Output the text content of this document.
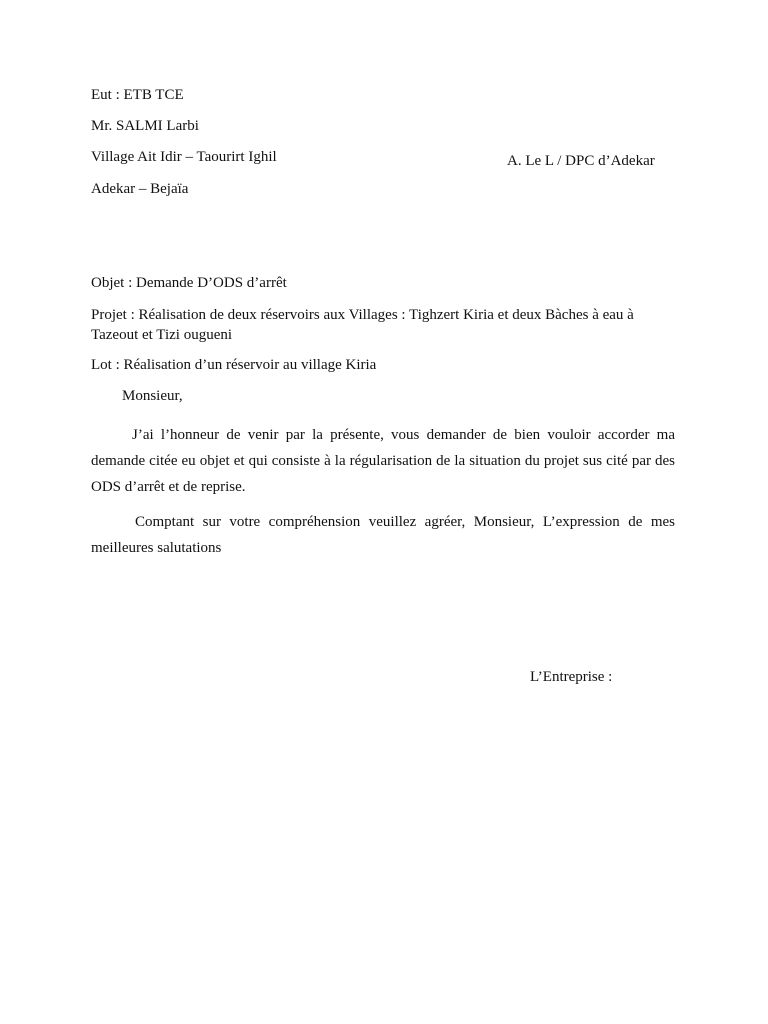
Eut : ETB TCE
Mr. SALMI Larbi
Village Ait Idir – Taourirt Ighil
Adekar – Bejaïa
A. Le L / DPC d’Adekar
Objet : Demande D’ODS d’arrêt
Projet : Réalisation de deux réservoirs aux Villages : Tighzert Kiria et deux Bàches à eau à Tazeout et Tizi ougueni
Lot : Réalisation d’un réservoir au village Kiria
Monsieur,

J’ai l’honneur de venir par la présente, vous demander de bien vouloir accorder ma demande citée eu objet et qui consiste à la régularisation de la situation du projet sus cité par des ODS d’arrêt et de reprise.

Comptant sur votre compréhension veuillez agréer, Monsieur, L’expression de mes meilleures salutations

L’Entreprise :
